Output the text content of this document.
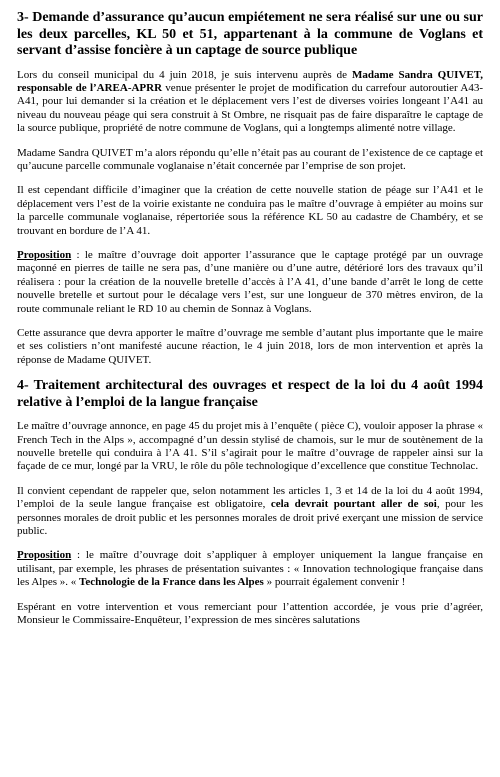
3- Demande d’assurance qu’aucun empiétement ne sera réalisé sur une ou sur les deux parcelles, KL 50 et 51, appartenant à la commune de Voglans et servant d’assise foncière à un captage de source publique

Lors du conseil municipal du 4 juin 2018, je suis intervenu auprès de Madame Sandra QUIVET, responsable de l’AREA-APRR venue présenter le projet de modification du carrefour autoroutier A43-A41, pour lui demander si la création et le déplacement vers l’est de diverses voiries longeant l’A41 au niveau du nouveau péage qui sera construit à St Ombre, ne risquait pas de faire disparaître le captage de la source publique, propriété de notre commune de Voglans, qui a longtemps alimenté notre village.

Madame Sandra QUIVET m’a alors répondu qu’elle n’était pas au courant de l’existence de ce captage et qu’aucune parcelle communale voglanaise n’était concernée par l’emprise de son projet.

Il est cependant difficile d’imaginer que la création de cette nouvelle station de péage sur l’A41 et le déplacement vers l’est de la voirie existante ne conduira pas le maître d’ouvrage à empiéter au moins sur la parcelle communale voglanaise, répertoriée sous la référence KL 50 au cadastre de Chambéry, et se trouvant en bordure de l’A 41.

Proposition : le maître d’ouvrage doit apporter l’assurance que le captage protégé par un ouvrage maçonné en pierres de taille ne sera pas, d’une manière ou d’une autre, détérioré lors des travaux qu’il réalisera : pour la création de la nouvelle bretelle d’accès à l’A 41, d’une bande d’arrêt le long de cette nouvelle bretelle et surtout pour le décalage vers l’est, sur une longueur de 370 mètres environ, de la route communale reliant le RD 10 au chemin de Sonnaz à Voglans.

Cette assurance que devra apporter le maître d’ouvrage me semble d’autant plus importante que le maire et ses colistiers n’ont manifesté aucune réaction, le 4 juin 2018, lors de mon intervention et après la réponse de Madame QUIVET.

4- Traitement architectural des ouvrages et respect de la loi du 4 août 1994 relative à l’emploi de la langue française

Le maître d’ouvrage annonce, en page 45 du projet mis à l’enquête ( pièce C), vouloir apposer la phrase « French Tech in the Alps », accompagné d’un dessin stylisé de chamois, sur le mur de soutènement de la nouvelle bretelle qui conduira à l’A 41. S’il s’agirait pour le maître d’ouvrage de rappeler ainsi sur la façade de ce mur, longé par la VRU, le rôle du pôle technologique d’excellence que constitue Technolac.

Il convient cependant de rappeler que, selon notamment les articles 1, 3 et 14 de la loi du 4 août 1994, l’emploi de la seule langue française est obligatoire, cela devrait pourtant aller de soi, pour les personnes morales de droit public et les personnes morales de droit privé exerçant une mission de service public.

Proposition : le maître d’ouvrage doit s’appliquer à employer uniquement la langue française en utilisant, par exemple, les phrases de présentation suivantes : « Innovation technologique française dans les Alpes ». « Technologie de la France dans les Alpes » pourrait également convenir !

Espérant en votre intervention et vous remerciant pour l’attention accordée, je vous prie d’agréer, Monsieur le Commissaire-Enquêteur, l’expression de mes sincères salutations
